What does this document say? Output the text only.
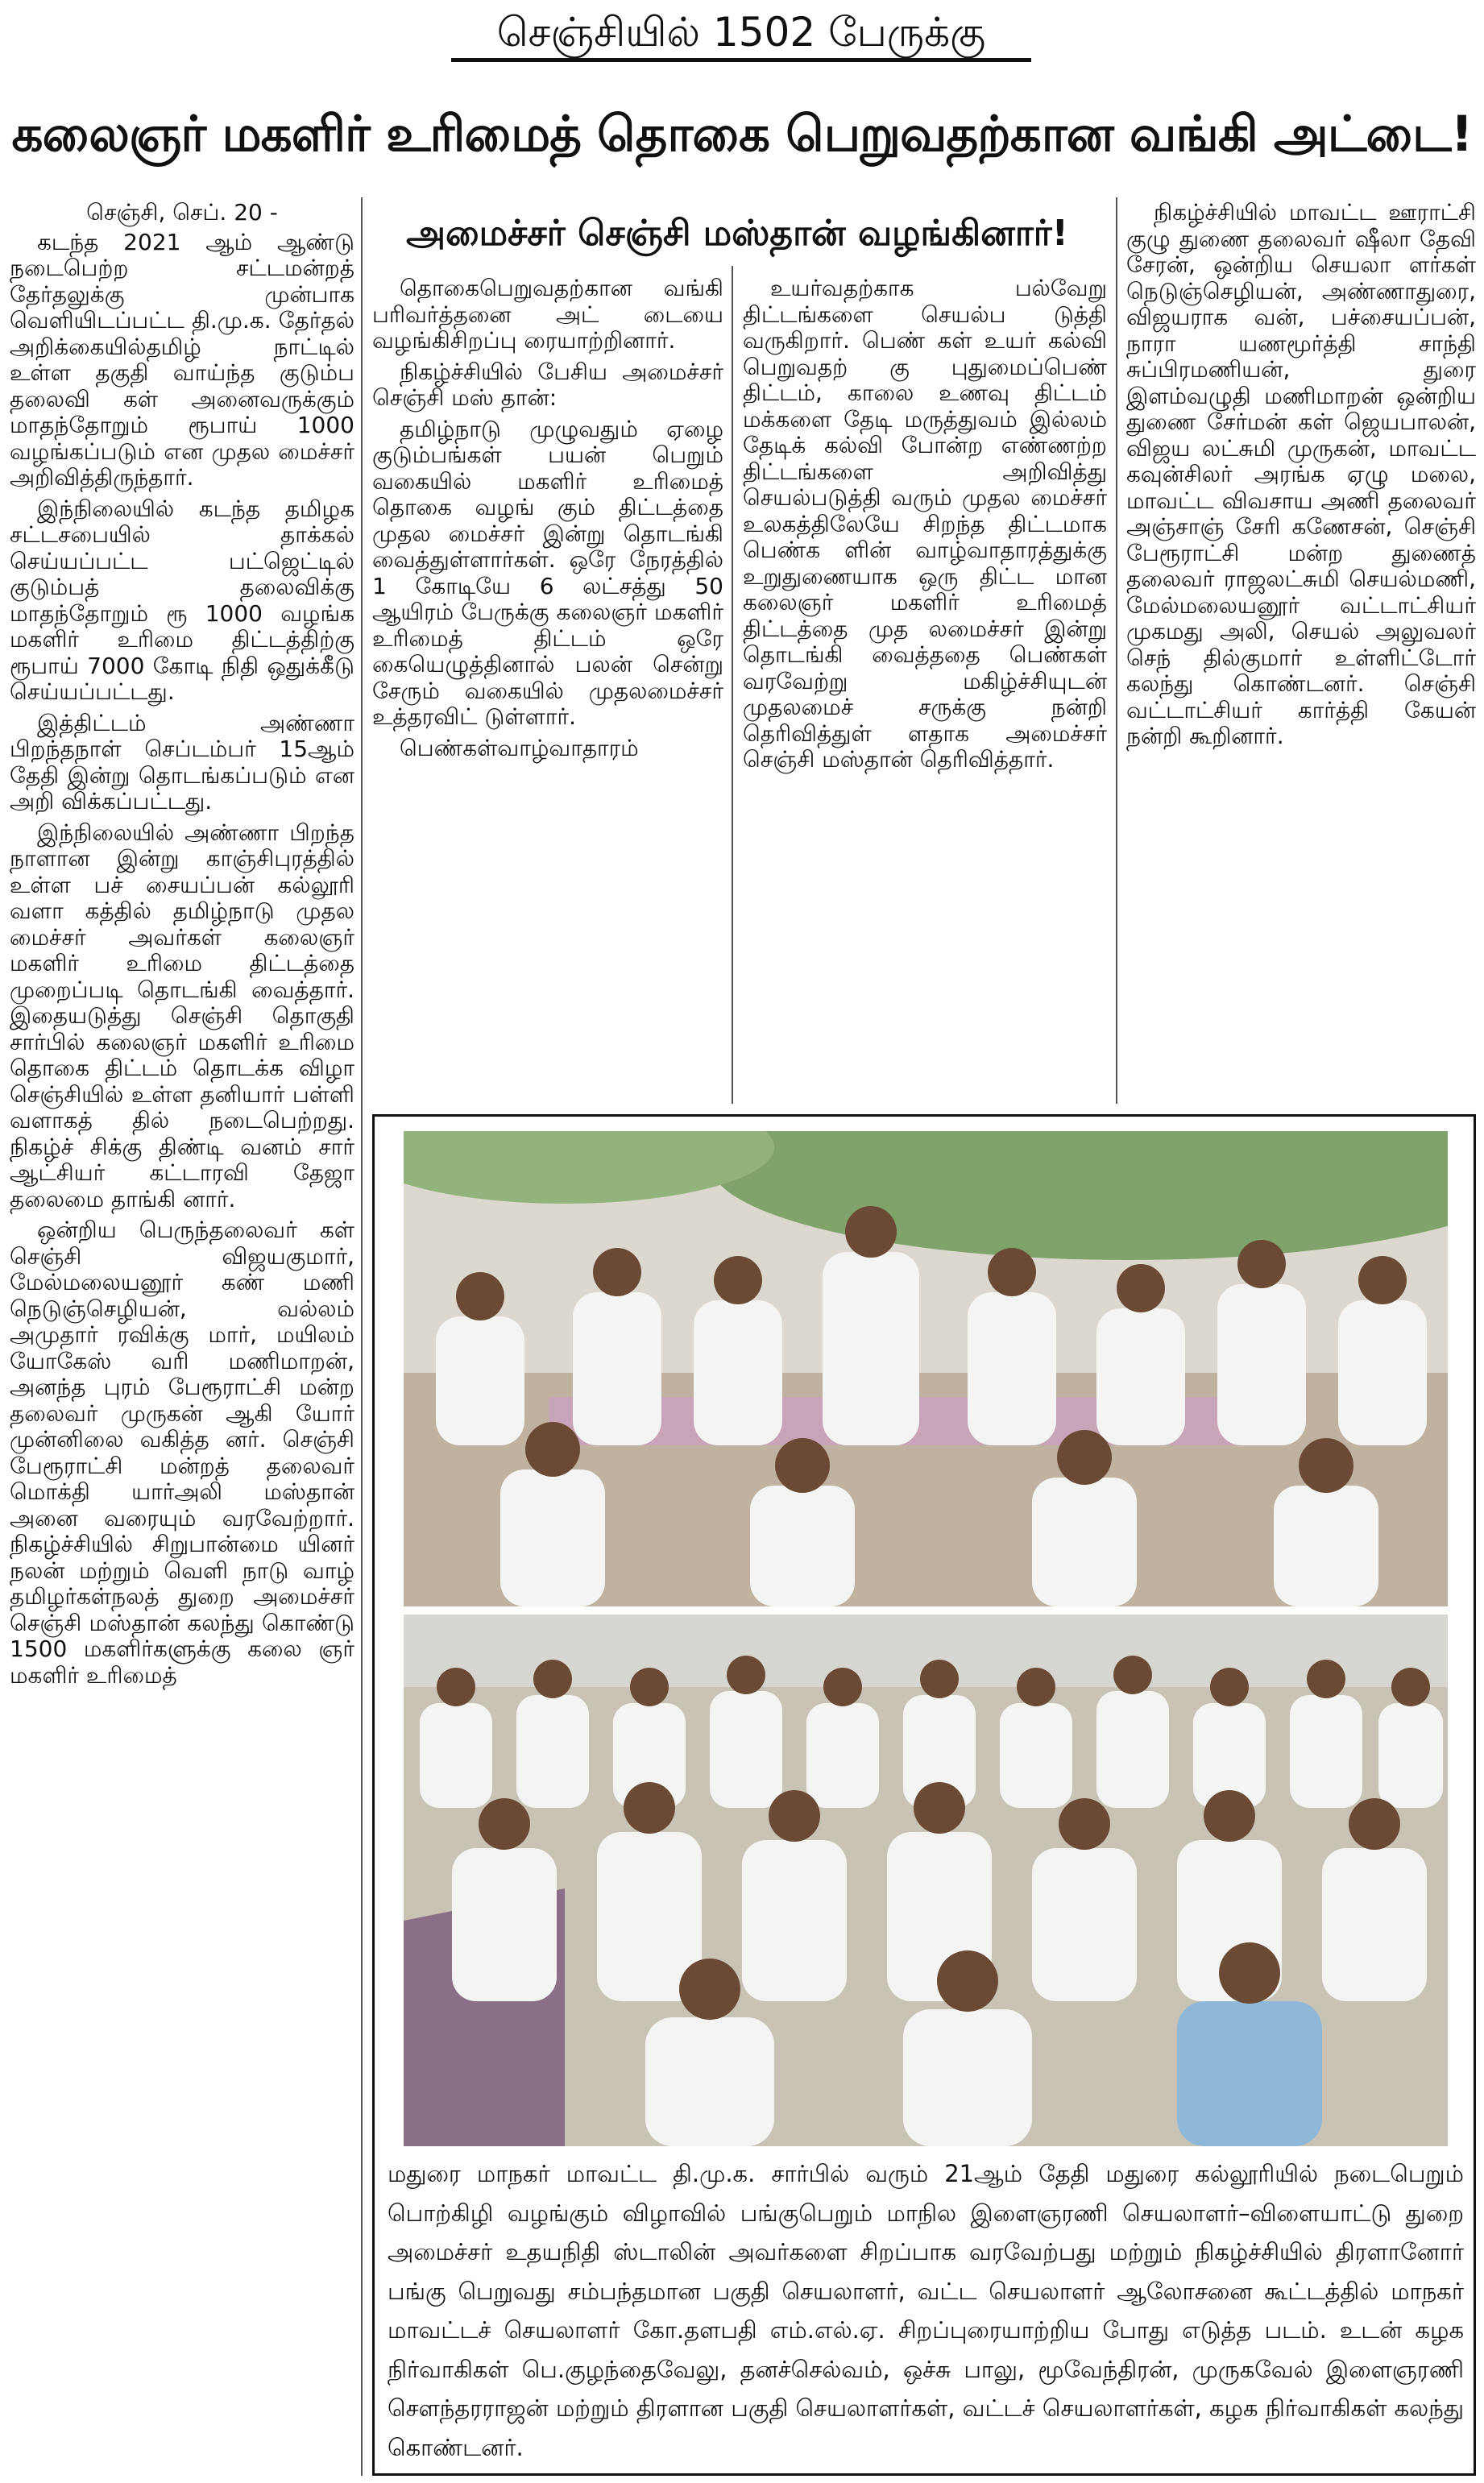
செஞ்சியில் 1502 பேருக்கு
கலைஞர் மகளிர் உரிமைத் தொகை பெறுவதற்கான வங்கி அட்டை!
அமைச்சர் செஞ்சி மஸ்தான் வழங்கினார்!

செஞ்சி, செப். 20 -

கடந்த 2021 ஆம் ஆண்டு நடைபெற்ற சட்டமன்றத் தேர்தலுக்கு முன்பாக வெளியிடப்பட்ட தி.மு.க. தேர்தல் அறிக்கையில்தமிழ் நாட்டில் உள்ள தகுதி வாய்ந்த குடும்ப தலைவி கள் அனைவருக்கும் மாதந்தோறும் ரூபாய் 1000 வழங்கப்படும் என முதல மைச்சர் அறிவித்திருந்தார்.

இந்நிலையில் கடந்த தமிழக சட்டசபையில் தாக்கல் செய்யப்பட்ட பட்ஜெட்டில் குடும்பத் தலைவிக்கு மாதந்தோறும் ரூ 1000 வழங்க மகளிர் உரிமை திட்டத்திற்கு ரூபாய் 7000 கோடி நிதி ஒதுக்கீடு செய்யப்பட்டது.

இத்திட்டம் அண்ணா பிறந்தநாள் செப்டம்பர் 15ஆம் தேதி இன்று தொடங்கப்படும் என அறி விக்கப்பட்டது.

இந்நிலையில் அண்ணா பிறந்த நாளான இன்று காஞ்சிபுரத்தில் உள்ள பச் சையப்பன் கல்லூரி வளா கத்தில் தமிழ்நாடு முதல மைச்சர் அவர்கள் கலைஞர் மகளிர் உரிமை திட்டத்தை முறைப்படி தொடங்கி வைத்தார். இதையடுத்து செஞ்சி தொகுதி சார்பில் கலைஞர் மகளிர் உரிமை தொகை திட்டம் தொடக்க விழா செஞ்சியில் உள்ள தனியார் பள்ளி வளாகத் தில் நடைபெற்றது. நிகழ்ச் சிக்கு திண்டி வனம் சார் ஆட்சியர் கட்டாரவி தேஜா தலைமை தாங்கி னார்.

ஒன்றிய பெருந்தலைவர் கள் செஞ்சி விஜயகுமார், மேல்மலையனூர் கண் மணி நெடுஞ்செழியன், வல்லம் அமுதார் ரவிக்கு மார், மயிலம் யோகேஸ் வரி மணிமாறன், அனந்த புரம் பேரூராட்சி மன்ற தலைவர் முருகன் ஆகி யோர் முன்னிலை வகித்த னர். செஞ்சி பேரூராட்சி மன்றத் தலைவர் மொக்தி யார்அலி மஸ்தான் அனை வரையும் வரவேற்றார். நிகழ்ச்சியில் சிறுபான்மை யினர் நலன் மற்றும் வெளி நாடு வாழ் தமிழர்கள்நலத் துறை அமைச்சர் செஞ்சி மஸ்தான் கலந்து கொண்டு 1500 மகளிர்களுக்கு கலை ஞர் மகளிர் உரிமைத்

தொகைபெறுவதற்கான வங்கி பரிவர்த்தனை அட் டையை வழங்கிசிறப்பு ரையாற்றினார்.

நிகழ்ச்சியில் பேசிய அமைச்சர் செஞ்சி மஸ் தான்:

தமிழ்நாடு முழுவதும் ஏழை குடும்பங்கள் பயன் பெறும் வகையில் மகளிர் உரிமைத் தொகை வழங் கும் திட்டத்தை முதல மைச்சர் இன்று தொடங்கி வைத்துள்ளார்கள். ஒரே நேரத்தில் 1 கோடியே 6 லட்சத்து 50 ஆயிரம் பேருக்கு கலைஞர் மகளிர் உரிமைத் திட்டம் ஒரே கையெழுத்தினால் பலன் சென்று சேரும் வகையில் முதலமைச்சர் உத்தரவிட் டுள்ளார்.

பெண்கள்வாழ்வாதாரம்

உயர்வதற்காக பல்வேறு திட்டங்களை செயல்ப டுத்தி வருகிறார். பெண் கள் உயர் கல்வி பெறுவதற் கு புதுமைப்பெண் திட்டம், காலை உணவு திட்டம் மக்களை தேடி மருத்துவம் இல்லம் தேடிக் கல்வி போன்ற எண்ணற்ற திட்டங்களை அறிவித்து செயல்படுத்தி வரும் முதல மைச்சர் உலகத்திலேயே சிறந்த திட்டமாக பெண்க ளின் வாழ்வாதாரத்துக்கு உறுதுணையாக ஒரு திட்ட மான கலைஞர் மகளிர் உரிமைத் திட்டத்தை முத லமைச்சர் இன்று தொடங்கி வைத்ததை பெண்கள் வரவேற்று மகிழ்ச்சியுடன் முதலமைச் சருக்கு நன்றி தெரிவித்துள் ளதாக அமைச்சர் செஞ்சி மஸ்தான் தெரிவித்தார்.

நிகழ்ச்சியில் மாவட்ட ஊராட்சி குழு துணை தலைவர் ஷீலா தேவி சேரன், ஒன்றிய செயலா ளர்கள் நெடுஞ்செழியன், அண்ணாதுரை, விஜயராக வன், பச்சையப்பன், நாரா யணமூர்த்தி சாந்தி சுப்பிரமணியன், துரை இளம்வழுதி மணிமாறன் ஒன்றிய துணை சேர்மன் கள் ஜெயபாலன், விஜய லட்சுமி முருகன், மாவட்ட கவுன்சிலர் அரங்க ஏழு மலை, மாவட்ட விவசாய அணி தலைவர் அஞ்சாஞ் சேரி கணேசன், செஞ்சி பேரூராட்சி மன்ற துணைத் தலைவர் ராஜலட்சுமி செயல்மணி, மேல்மலையனூர் வட்டாட்சியர் முகமது அலி, செயல் அலுவலர் செந் தில்குமார் உள்ளிட்டோர் கலந்து கொண்டனர். செஞ்சி வட்டாட்சியர் கார்த்தி கேயன் நன்றி கூறினார்.

மதுரை மாநகர் மாவட்ட தி.மு.க. சார்பில் வரும் 21ஆம் தேதி மதுரை கல்லூரியில் நடைபெறும் பொற்கிழி வழங்கும் விழாவில் பங்குபெறும் மாநில இளைஞரணி செயலாளர்–விளையாட்டு துறை அமைச்சர் உதயநிதி ஸ்டாலின் அவர்களை சிறப்பாக வரவேற்பது மற்றும் நிகழ்ச்சியில் திரளானோர் பங்கு பெறுவது சம்பந்தமான பகுதி செயலாளர், வட்ட செயலாளர் ஆலோசனை கூட்டத்தில் மாநகர் மாவட்டச் செயலாளர் கோ.தளபதி எம்.எல்.ஏ. சிறப்புரையாற்றிய போது எடுத்த படம். உடன் கழக நிர்வாகிகள் பெ.குழந்தைவேலு, தனச்செல்வம், ஒச்சு பாலு, மூவேந்திரன், முருகவேல் இளைஞரணி சௌந்தரராஜன் மற்றும் திரளான பகுதி செயலாளர்கள், வட்டச் செயலாளர்கள், கழக நிர்வாகிகள் கலந்து கொண்டனர்.
